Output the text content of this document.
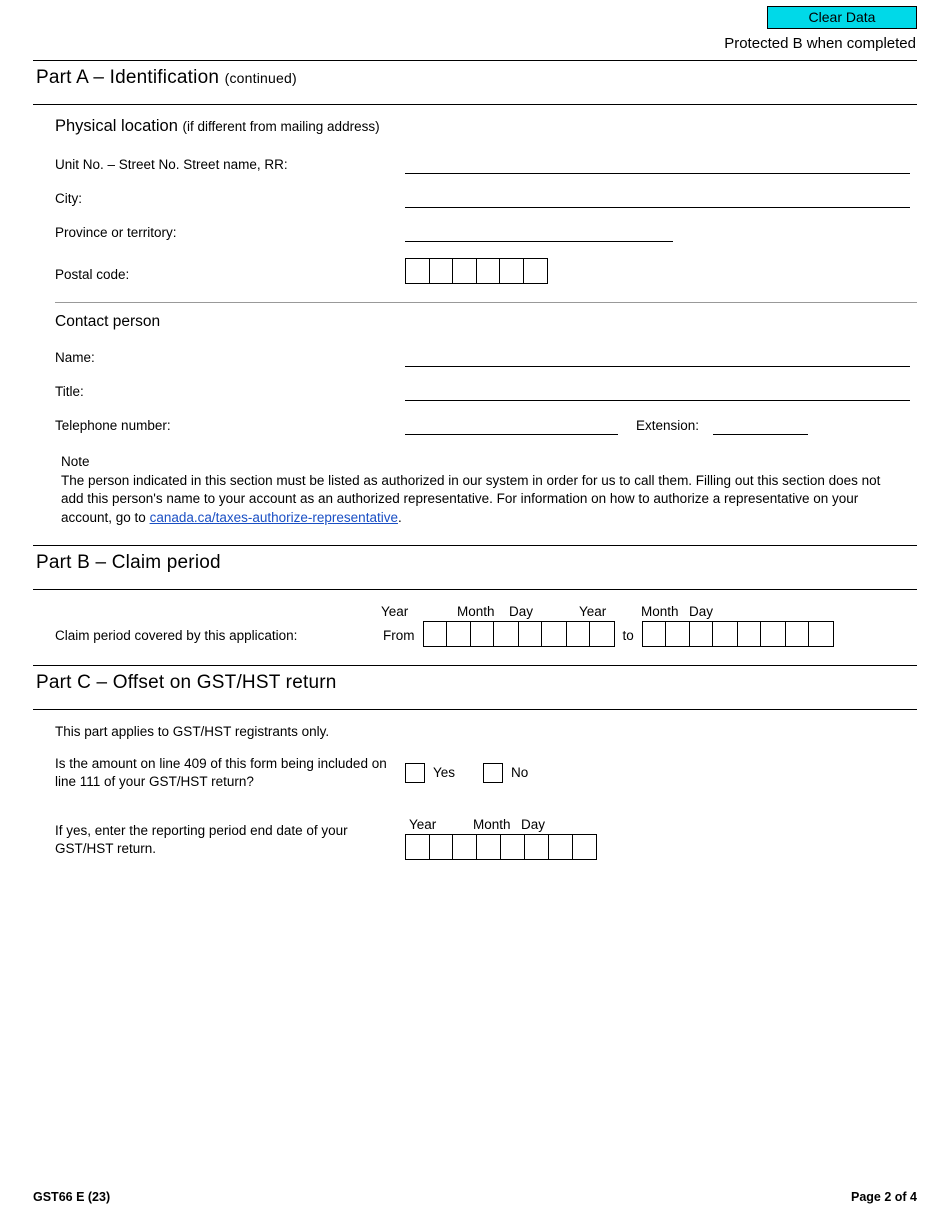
Clear Data
Protected B when completed
Part A – Identification (continued)
Physical location (if different from mailing address)
Unit No. – Street No. Street name, RR:
City:
Province or territory:
Postal code:
Contact person
Name:
Title:
Telephone number:	Extension:
Note
The person indicated in this section must be listed as authorized in our system in order for us to call them. Filling out this section does not add this person's name to your account as an authorized representative. For information on how to authorize a representative on your account, go to canada.ca/taxes-authorize-representative.
Part B – Claim period
Year	Month	Day	Year	Month Day
Claim period covered by this application:	From	to
Part C – Offset on GST/HST return
This part applies to GST/HST registrants only.
Is the amount on line 409 of this form being included on line 111 of your GST/HST return?
Yes	No
If yes, enter the reporting period end date of your GST/HST return.
Year	Month Day
GST66 E (23)	Page 2 of 4
